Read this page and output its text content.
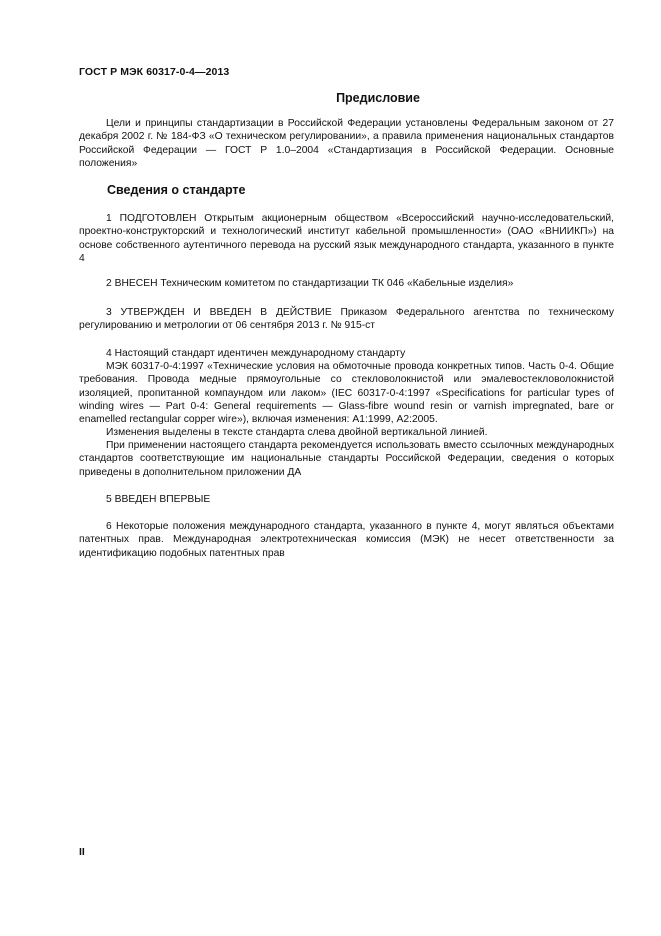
ГОСТ Р МЭК 60317-0-4—2013
Предисловие
Цели и принципы стандартизации в Российской Федерации установлены Федеральным законом от 27 декабря 2002 г. № 184-ФЗ «О техническом регулировании», а правила применения национальных стандартов Российской Федерации — ГОСТ Р 1.0–2004 «Стандартизация в Российской Федерации. Основные положения»
Сведения о стандарте
1 ПОДГОТОВЛЕН Открытым акционерным обществом «Всероссийский научно-исследовательский, проектно-конструкторский и технологический институт кабельной промышленности» (ОАО «ВНИИКП») на основе собственного аутентичного перевода на русский язык международного стандарта, указанного в пункте 4
2 ВНЕСЕН Техническим комитетом по стандартизации ТК 046 «Кабельные изделия»
3 УТВЕРЖДЕН И ВВЕДЕН В ДЕЙСТВИЕ Приказом Федерального агентства по техническому регулированию и метрологии от 06 сентября 2013 г. № 915-ст
4 Настоящий стандарт идентичен международному стандарту
МЭК 60317-0-4:1997 «Технические условия на обмоточные провода конкретных типов. Часть 0-4. Общие требования. Провода медные прямоугольные со стекловолокнистой или эмалевостекловолокнистой изоляцией, пропитанной компаундом или лаком» (IEC 60317-0-4:1997 «Specifications for particular types of winding wires — Part 0-4: General requirements — Glass-fibre wound resin or varnish impregnated, bare or enamelled rectangular copper wire»), включая изменения: А1:1999, А2:2005.
Изменения выделены в тексте стандарта слева двойной вертикальной линией.
При применении настоящего стандарта рекомендуется использовать вместо ссылочных международных стандартов соответствующие им национальные стандарты Российской Федерации, сведения о которых приведены в дополнительном приложении ДА
5 ВВЕДЕН ВПЕРВЫЕ
6 Некоторые положения международного стандарта, указанного в пункте 4, могут являться объектами патентных прав. Международная электротехническая комиссия (МЭК) не несет ответственности за идентификацию подобных патентных прав
II
